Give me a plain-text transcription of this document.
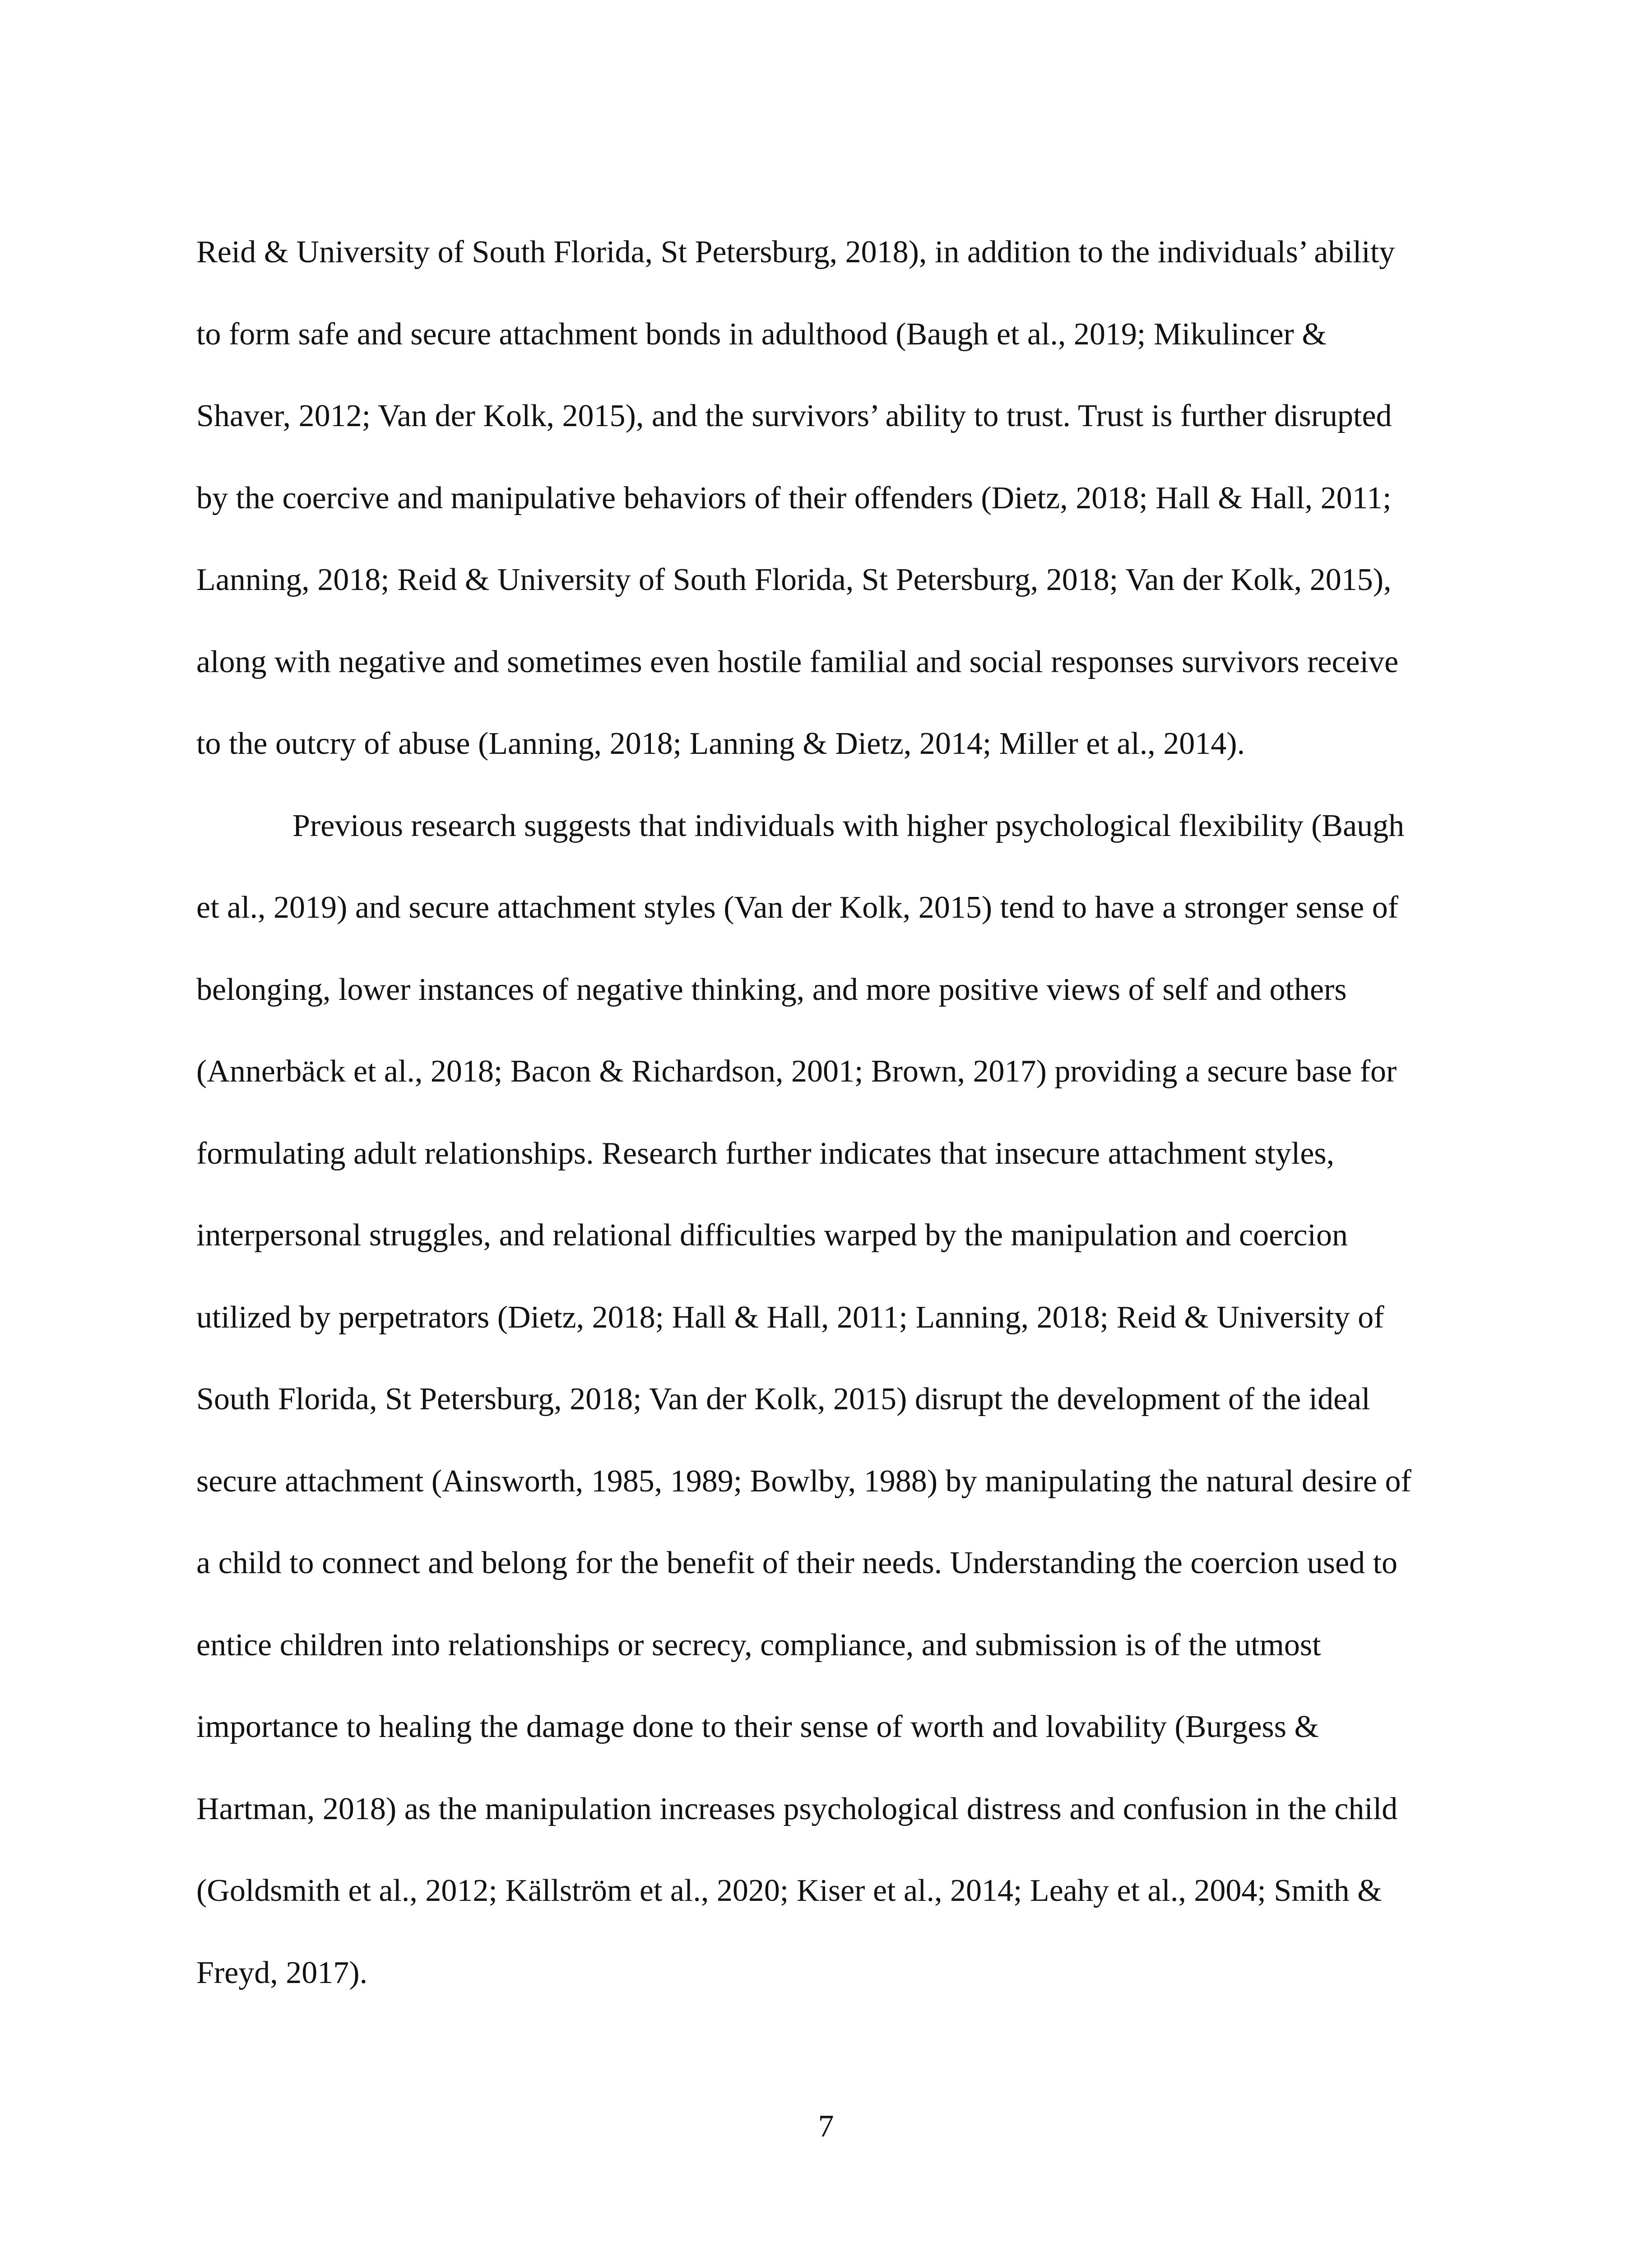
Reid & University of South Florida, St Petersburg, 2018), in addition to the individuals’ ability
to form safe and secure attachment bonds in adulthood (Baugh et al., 2019; Mikulincer &
Shaver, 2012; Van der Kolk, 2015), and the survivors’ ability to trust. Trust is further disrupted
by the coercive and manipulative behaviors of their offenders (Dietz, 2018; Hall & Hall, 2011;
Lanning, 2018; Reid & University of South Florida, St Petersburg, 2018; Van der Kolk, 2015),
along with negative and sometimes even hostile familial and social responses survivors receive
to the outcry of abuse (Lanning, 2018; Lanning & Dietz, 2014; Miller et al., 2014).
Previous research suggests that individuals with higher psychological flexibility (Baugh
et al., 2019) and secure attachment styles (Van der Kolk, 2015) tend to have a stronger sense of
belonging, lower instances of negative thinking, and more positive views of self and others
(Annerbäck et al., 2018; Bacon & Richardson, 2001; Brown, 2017) providing a secure base for
formulating adult relationships. Research further indicates that insecure attachment styles,
interpersonal struggles, and relational difficulties warped by the manipulation and coercion
utilized by perpetrators (Dietz, 2018; Hall & Hall, 2011; Lanning, 2018; Reid & University of
South Florida, St Petersburg, 2018; Van der Kolk, 2015) disrupt the development of the ideal
secure attachment (Ainsworth, 1985, 1989; Bowlby, 1988) by manipulating the natural desire of
a child to connect and belong for the benefit of their needs. Understanding the coercion used to
entice children into relationships or secrecy, compliance, and submission is of the utmost
importance to healing the damage done to their sense of worth and lovability (Burgess &
Hartman, 2018) as the manipulation increases psychological distress and confusion in the child
(Goldsmith et al., 2012; Källström et al., 2020; Kiser et al., 2014; Leahy et al., 2004; Smith &
Freyd, 2017).
7
